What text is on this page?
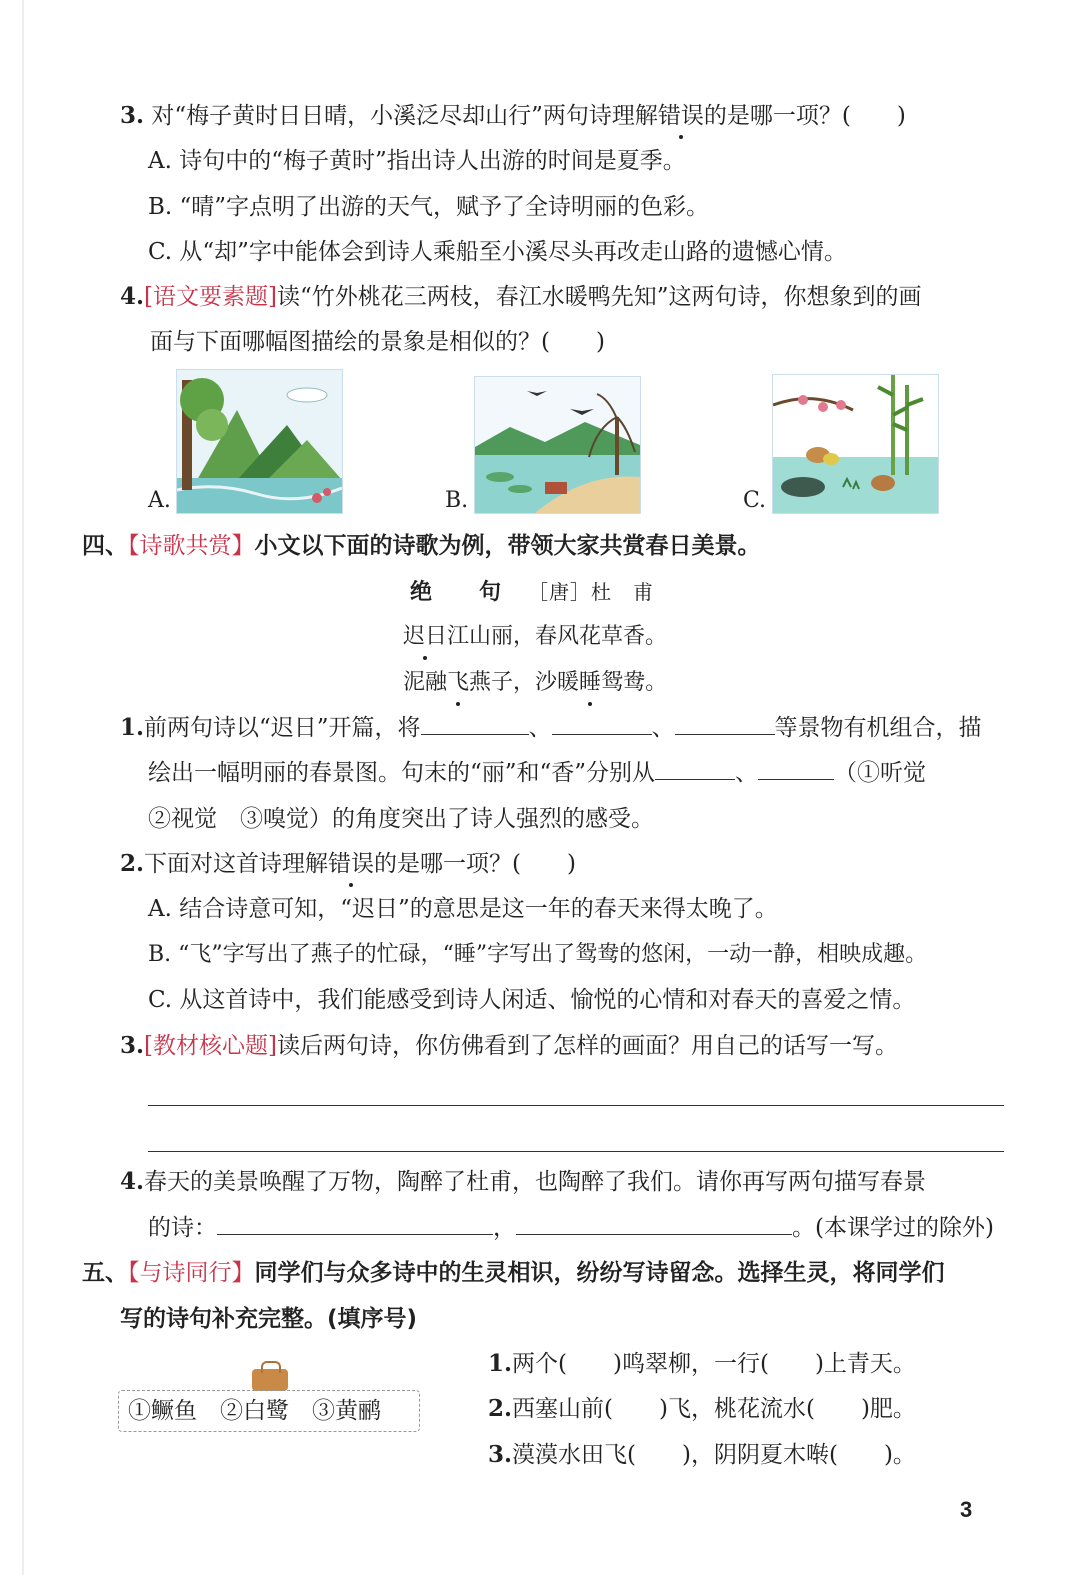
3. 对“梅子黄时日日晴，小溪泛尽却山行”两句诗理解错误的是哪一项？( )
A. 诗句中的“梅子黄时”指出诗人出游的时间是夏季。
B. “晴”字点明了出游的天气，赋予了全诗明丽的色彩。
C. 从“却”字中能体会到诗人乘船至小溪尽头再改走山路的遗憾心情。
4.[语文要素题]读“竹外桃花三两枝，春江水暖鸭先知”这两句诗，你想象到的画
面与下面哪幅图描绘的景象是相似的？( )
A.	B.	C.
四、【诗歌共赏】小文以下面的诗歌为例，带领大家共赏春日美景。
绝　　句 ［唐］杜　甫
迟日江山丽，春风花草香。
泥融飞燕子，沙暖睡鸳鸯。
1.前两句诗以“迟日”开篇，将	、	、	等景物有机组合，描
绘出一幅明丽的春景图。句末的“丽”和“香”分别从	、	（①听觉
②视觉　③嗅觉）的角度突出了诗人强烈的感受。
2.下面对这首诗理解错误的是哪一项？( )
A. 结合诗意可知，“迟日”的意思是这一年的春天来得太晚了。
B. “飞”字写出了燕子的忙碌，“睡”字写出了鸳鸯的悠闲，一动一静，相映成趣。
C. 从这首诗中，我们能感受到诗人闲适、愉悦的心情和对春天的喜爱之情。
3.[教材核心题]读后两句诗，你仿佛看到了怎样的画面？用自己的话写一写。
4.春天的美景唤醒了万物，陶醉了杜甫，也陶醉了我们。请你再写两句描写春景
的诗：	，	。(本课学过的除外)
五、【与诗同行】同学们与众多诗中的生灵相识，纷纷写诗留念。选择生灵，将同学们
写的诗句补充完整。(填序号)
①鳜鱼　②白鹭　③黄鹂
1.两个( )鸣翠柳，一行( )上青天。
2.西塞山前( )飞，桃花流水( )肥。
3.漠漠水田飞( )，阴阴夏木啭( )。
3
